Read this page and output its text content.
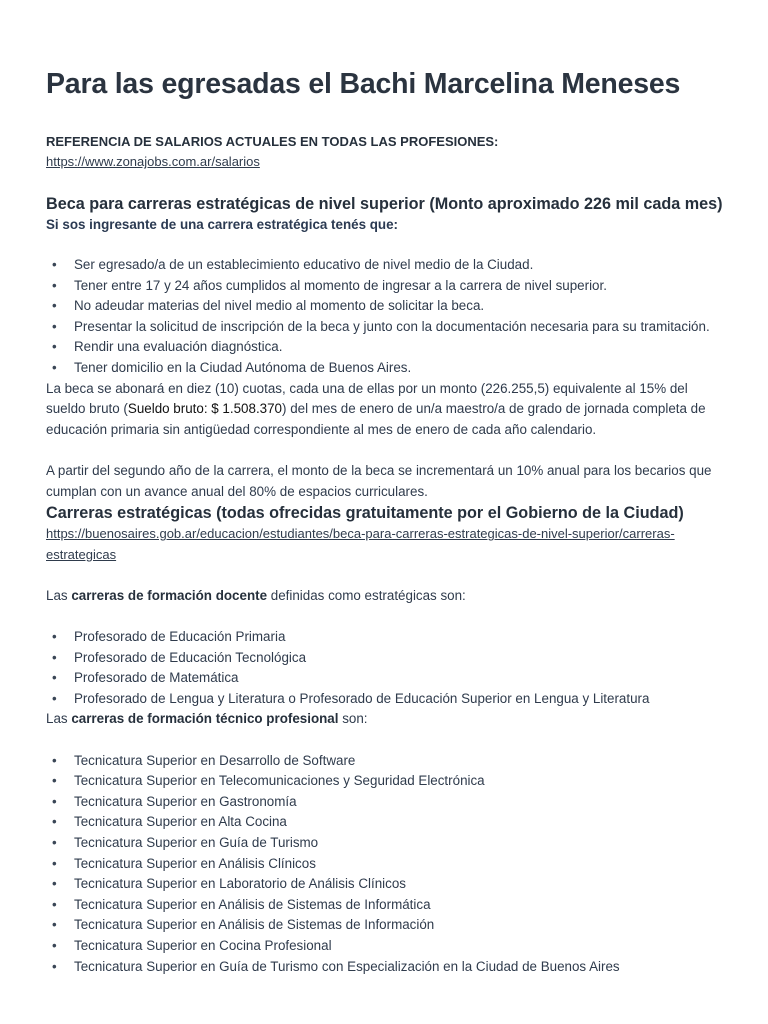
Para las egresadas el Bachi Marcelina Meneses

REFERENCIA DE SALARIOS ACTUALES EN TODAS LAS PROFESIONES:

https://www.zonajobs.com.ar/salarios
Beca para carreras estratégicas de nivel superior (Monto aproximado 226 mil cada mes)

Si sos ingresante de una carrera estratégica tenés que:

• Ser egresado/a de un establecimiento educativo de nivel medio de la Ciudad.
• Tener entre 17 y 24 años cumplidos al momento de ingresar a la carrera de nivel superior.
• No adeudar materias del nivel medio al momento de solicitar la beca.
• Presentar la solicitud de inscripción de la beca y junto con la documentación necesaria para su tramitación.
• Rendir una evaluación diagnóstica.
• Tener domicilio en la Ciudad Autónoma de Buenos Aires.

La beca se abonará en diez (10) cuotas, cada una de ellas por un monto (226.255,5) equivalente al 15% del sueldo bruto (Sueldo bruto: $ 1.508.370) del mes de enero de un/a maestro/a de grado de jornada completa de educación primaria sin antigüedad correspondiente al mes de enero de cada año calendario.

A partir del segundo año de la carrera, el monto de la beca se incrementará un 10% anual para los becarios que cumplan con un avance anual del 80% de espacios curriculares.

Carreras estratégicas (todas ofrecidas gratuitamente por el Gobierno de la Ciudad)
https://buenosaires.gob.ar/educacion/estudiantes/beca-para-carreras-estrategicas-de-nivel-superior/carreras-estrategicas

Las carreras de formación docente definidas como estratégicas son:

• Profesorado de Educación Primaria
• Profesorado de Educación Tecnológica
• Profesorado de Matemática
• Profesorado de Lengua y Literatura o Profesorado de Educación Superior en Lengua y Literatura

Las carreras de formación técnico profesional son:

• Tecnicatura Superior en Desarrollo de Software
• Tecnicatura Superior en Telecomunicaciones y Seguridad Electrónica
• Tecnicatura Superior en Gastronomía
• Tecnicatura Superior en Alta Cocina
• Tecnicatura Superior en Guía de Turismo
• Tecnicatura Superior en Análisis Clínicos
• Tecnicatura Superior en Laboratorio de Análisis Clínicos
• Tecnicatura Superior en Análisis de Sistemas de Informática
• Tecnicatura Superior en Análisis de Sistemas de Información
• Tecnicatura Superior en Cocina Profesional
• Tecnicatura Superior en Guía de Turismo con Especialización en la Ciudad de Buenos Aires
